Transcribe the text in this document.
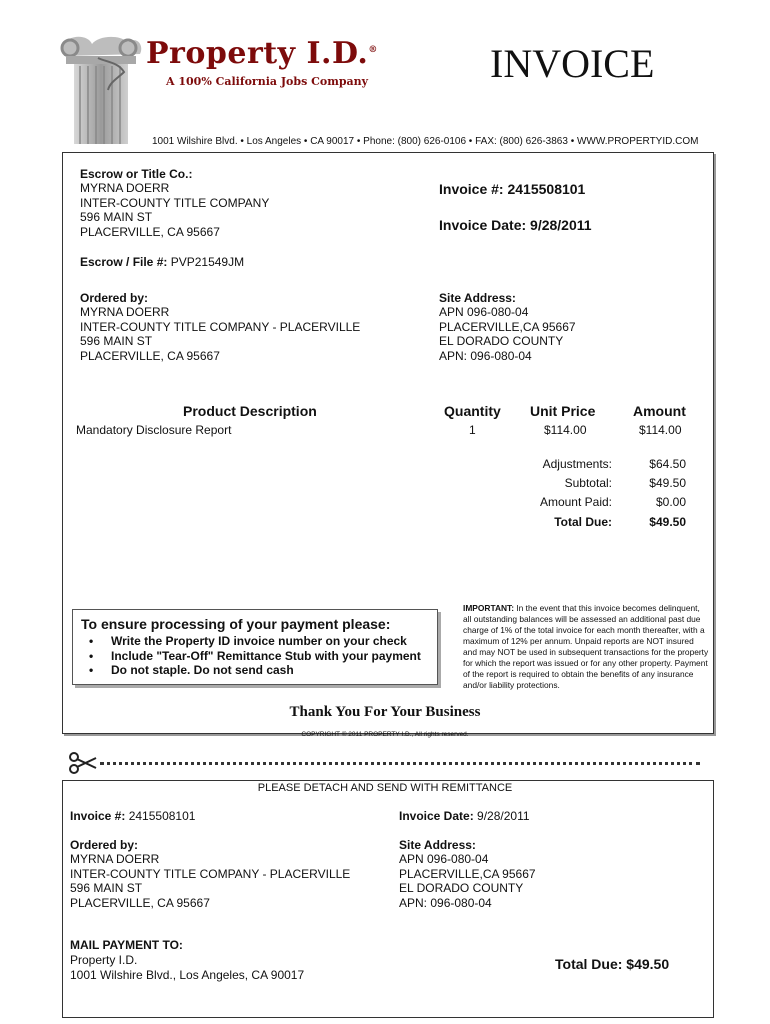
Property I.D.®
A 100% California Jobs Company	INVOICE
1001 Wilshire Blvd. • Los Angeles • CA 90017 • Phone: (800) 626-0106 • FAX: (800) 626-3863 • WWW.PROPERTYID.COM
Escrow or Title Co.:
MYRNA DOERR
INTER-COUNTY TITLE COMPANY
596 MAIN ST
PLACERVILLE, CA 95667
Invoice #: 2415508101
Invoice Date: 9/28/2011
Escrow / File #: PVP21549JM
Ordered by:
MYRNA DOERR
INTER-COUNTY TITLE COMPANY - PLACERVILLE
596 MAIN ST
PLACERVILLE, CA 95667
Site Address:
APN 096-080-04
PLACERVILLE,CA 95667
EL DORADO COUNTY
APN: 096-080-04
Product Description	Quantity Unit Price	Amount
Mandatory Disclosure Report	1	$114.00	$114.00
Adjustments:	$64.50
Subtotal:	$49.50
Amount Paid:	$0.00
Total Due:	$49.50
To ensure processing of your payment please:
• Write the Property ID invoice number on your check
• Include "Tear-Off" Remittance Stub with your payment
• Do not staple. Do not send cash
IMPORTANT: In the event that this invoice becomes delinquent, all outstanding balances will be assessed an additional past due charge of 1% of the total invoice for each month thereafter, with a maximum of 12% per annum. Unpaid reports are NOT insured and may NOT be used in subsequent transactions for the property for which the report was issued or for any other property. Payment of the report is required to obtain the benefits of any insurance and/or liability protections.
Thank You For Your Business
COPYRIGHT © 2011 PROPERTY I.D., All rights reserved.
PLEASE DETACH AND SEND WITH REMITTANCE
Invoice #: 2415508101	Invoice Date: 9/28/2011
Ordered by:
MYRNA DOERR
INTER-COUNTY TITLE COMPANY - PLACERVILLE
596 MAIN ST
PLACERVILLE, CA 95667
Site Address:
APN 096-080-04
PLACERVILLE,CA 95667
EL DORADO COUNTY
APN: 096-080-04
MAIL PAYMENT TO:
Property I.D.
1001 Wilshire Blvd., Los Angeles, CA 90017
Total Due: $49.50
